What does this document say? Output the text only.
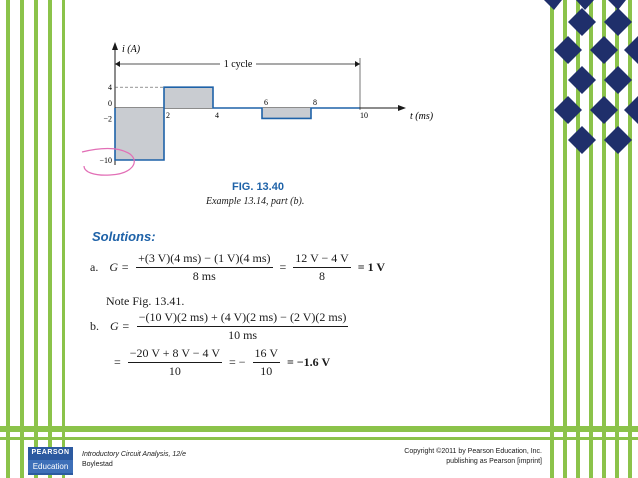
4
0
−2
−10
2	4
6	8
10
1 cycle
i (A)
t (ms)
FIG. 13.40
Example 13.14, part (b).
Solutions:
a. $G = \frac{+(3 V)(4 ms) - (1 V)(4 ms)}{8 ms} = \frac{12 V - 4 V}{8} = 1$ V
Note Fig. 13.41.
b. $G = \frac{-(10 V)(2 ms) + (4 V)(2 ms) - (2 V)(2 ms)}{10 ms}$
= $\frac{-20 V + 8 V - 4 V}{10}$ = − $\frac{16 V}{10} = -1.6$ V
PEARSON
Education
Introductory Circuit Analysis, 12/e
Boylestad
Copyright ©2011 by Pearson Education, Inc.
publishing as Pearson [imprint]
